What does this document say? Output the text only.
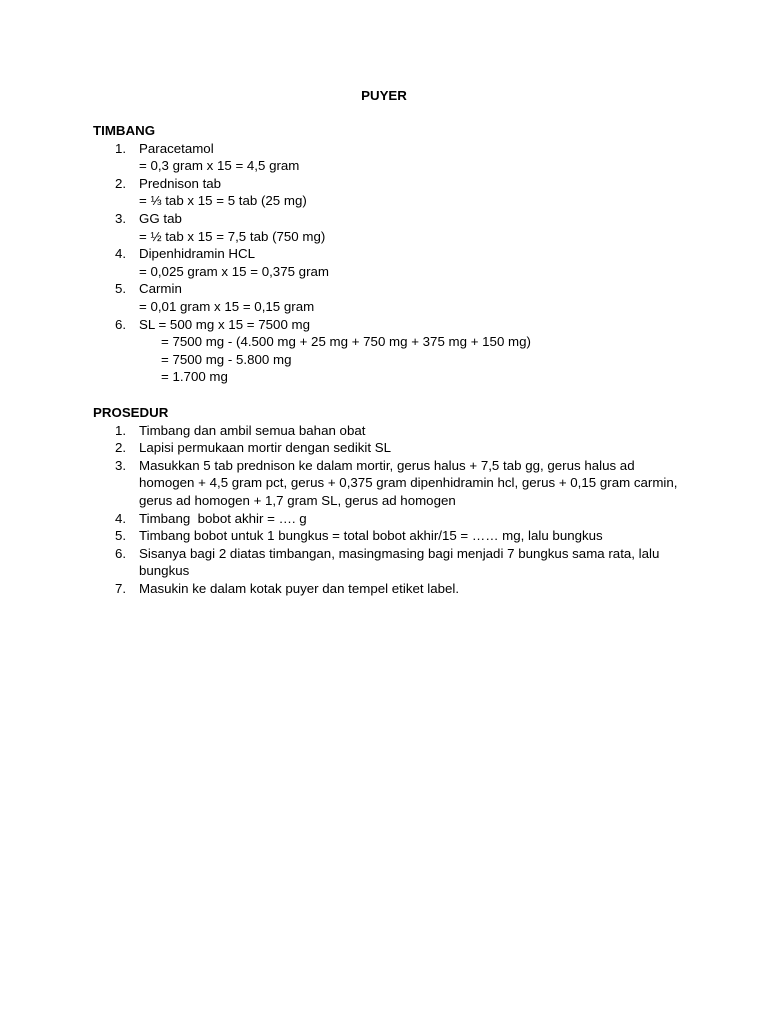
PUYER
TIMBANG
1. Paracetamol
= 0,3 gram x 15 = 4,5 gram
2. Prednison tab
= ⅓ tab x 15 = 5 tab (25 mg)
3. GG tab
= ½ tab x 15 = 7,5 tab (750 mg)
4. Dipenhidramin HCL
= 0,025 gram x 15 = 0,375 gram
5. Carmin
= 0,01 gram x 15 = 0,15 gram
6. SL = 500 mg x 15 = 7500 mg
= 7500 mg - (4.500 mg + 25 mg + 750 mg + 375 mg + 150 mg)
= 7500 mg - 5.800 mg
= 1.700 mg
PROSEDUR
1. Timbang dan ambil semua bahan obat
2. Lapisi permukaan mortir dengan sedikit SL
3. Masukkan 5 tab prednison ke dalam mortir, gerus halus + 7,5 tab gg, gerus halus ad homogen + 4,5 gram pct, gerus + 0,375 gram dipenhidramin hcl, gerus + 0,15 gram carmin, gerus ad homogen + 1,7 gram SL, gerus ad homogen
4. Timbang  bobot akhir = …. g
5. Timbang bobot untuk 1 bungkus = total bobot akhir/15 = …… mg, lalu bungkus
6. Sisanya bagi 2 diatas timbangan, masingmasing bagi menjadi 7 bungkus sama rata, lalu bungkus
7. Masukin ke dalam kotak puyer dan tempel etiket label.
